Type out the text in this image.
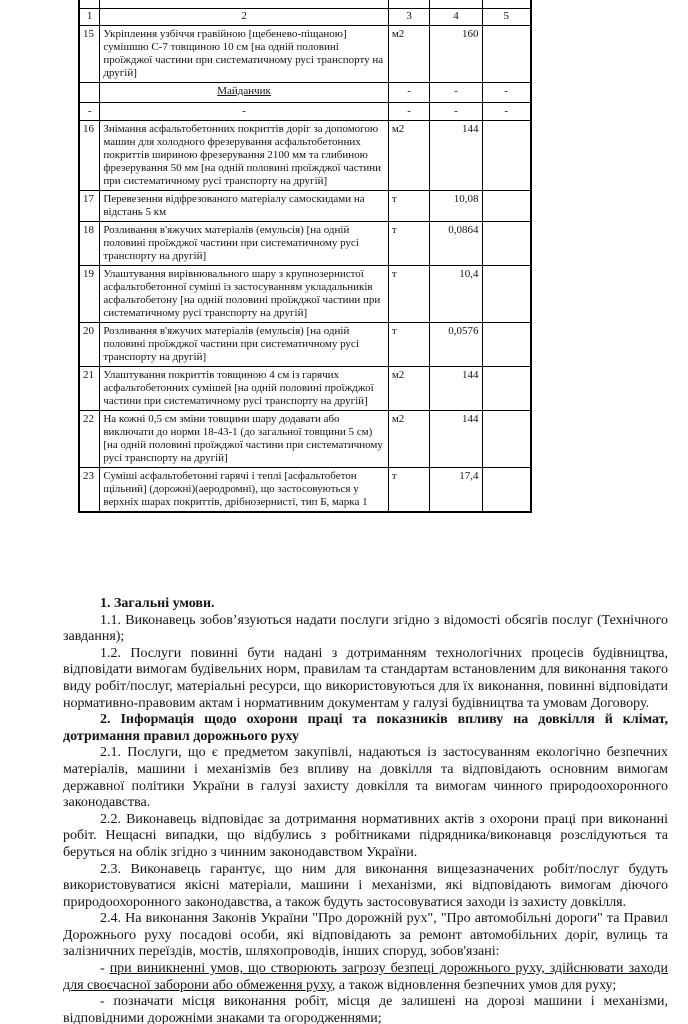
1	2	3	4	5
15	Укріплення узбіччя гравійною [щебенево-піщаною] сумішшю С-7 товщиною 10 см [на одній половині проїжджої частини при систематичному русі транспорту на другій]	м2	160	
	Майданчик	-	-	-
-	-	-	-	-
16	Знімання асфальтобетонних покриттів доріг за допомогою машин для холодного фрезерування асфальтобетонних покриттів шириною фрезерування 2100 мм та глибиною фрезерування 50 мм [на одній половині проїжджої частини при систематичному русі транспорту на другій]	м2	144	
17	Перевезення відфрезованого матеріалу самоскидами на відстань 5 км	т	10,08	
18	Розливання в'яжучих матеріалів (емульсія) [на одній половині проїжджої частини при систематичному русі транспорту на другій]	т	0,0864	
19	Улаштування вирівнювального шару з крупнозернистої асфальтобетонної суміші із застосуванням укладальників асфальтобетону [на одній половині проїжджої частини при систематичному русі транспорту на другій]	т	10,4	
20	Розливання в'яжучих матеріалів (емульсія) [на одній половині проїжджої частини при систематичному русі транспорту на другій]	т	0,0576	
21	Улаштування покриттів товщиною 4 см із гарячих асфальтобетонних сумішей [на одній половині проїжджої частини при систематичному русі транспорту на другій]	м2	144	
22	На кожні 0,5 см зміни товщини шару додавати або виключати до норми 18-43-1 (до загальної товщини 5 см) [на одній половині проїжджої частини при систематичному русі транспорту на другій]	м2	144	
23	Суміші асфальтобетонні гарячі і теплі [асфальтобетон щільний] (дорожні)(аеродромні), що застосовуються у верхніх шарах покриттів, дрібнозернисті, тип Б, марка 1	т	17,4	

1. Загальні умови.

1.1. Виконавець зобов’язуються надати послуги згідно з відомості обсягів послуг (Технічного завдання);

1.2. Послуги повинні бути надані з дотриманням технологічних процесів будівництва, відповідати вимогам будівельних норм, правилам та стандартам встановленим для виконання такого виду робіт/послуг, матеріальні ресурси, що використовуються для їх виконання, повинні відповідати нормативно-правовим актам і нормативним документам у галузі будівництва та умовам Договору.

2. Інформація щодо охорони праці та показників впливу на довкілля й клімат, дотримання правил дорожнього руху

2.1. Послуги, що є предметом закупівлі, надаються із застосуванням екологічно безпечних матеріалів, машини і механізмів без впливу на довкілля та відповідають основним вимогам державної політики України в галузі захисту довкілля та вимогам чинного природоохоронного законодавства.

2.2. Виконавець відповідає за дотримання нормативних актів з охорони праці при виконанні робіт. Нещасні випадки, що відбулись з робітниками підрядника/виконавця розслідуються та беруться на облік згідно з чинним законодавством України.

2.3. Виконавець гарантує, що ним для виконання вищезазначених робіт/послуг будуть використовуватися якісні матеріали, машини і механізми, які відповідають вимогам діючого природоохоронного законодавства, а також будуть застосовуватися заходи із захисту довкілля.

2.4. На виконання Законів України "Про дорожній рух", "Про автомобільні дороги" та Правил Дорожнього руху посадові особи, які відповідають за ремонт автомобільних доріг, вулиць та залізничних переїздів, мостів, шляхопроводів, інших споруд, зобов'язані:

- при виникненні умов, що створюють загрозу безпеці дорожнього руху, здійснювати заходи для своєчасної заборони або обмеження руху, а також відновлення безпечних умов для руху;

- позначати місця виконання робіт, місця де залишені на дорозі машини і механізми, відповідними дорожніми знаками та огородженнями;
